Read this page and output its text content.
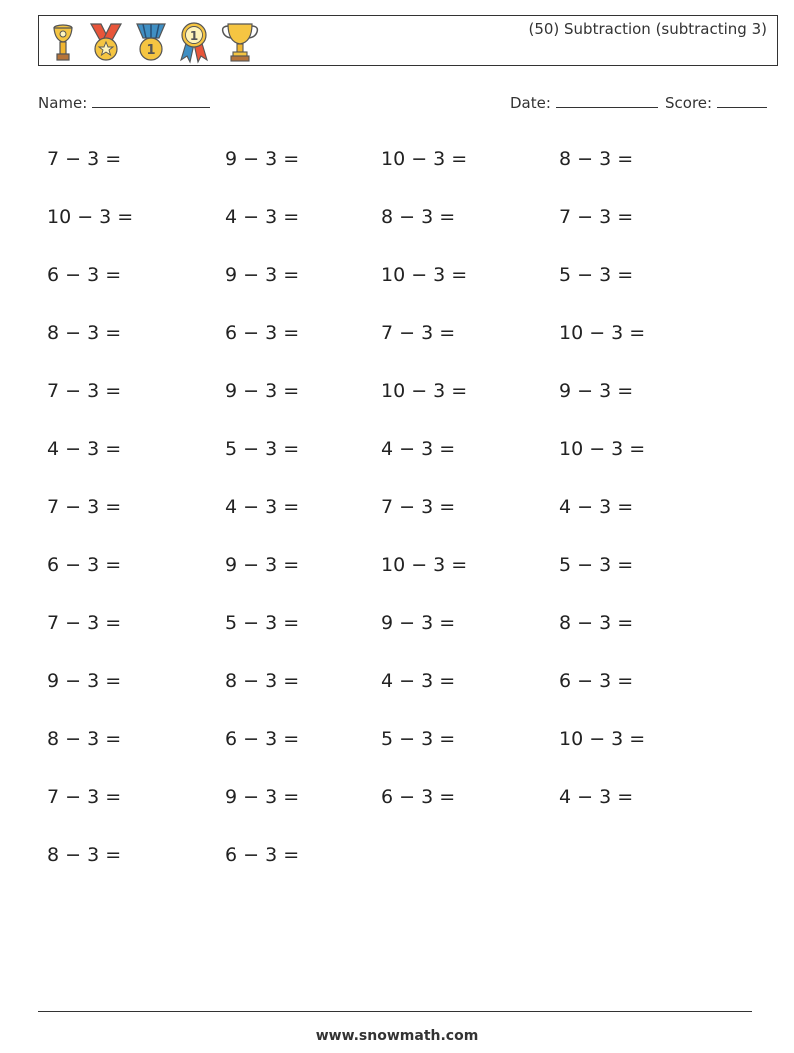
1
1	(50) Subtraction (subtracting 3)
Name:	Date:	Score:
7 − 3 =	9 − 3 =	10 − 3 =	8 − 3 =
10 − 3 =	4 − 3 =	8 − 3 =	7 − 3 =
6 − 3 =	9 − 3 =	10 − 3 =	5 − 3 =
8 − 3 =	6 − 3 =	7 − 3 =	10 − 3 =
7 − 3 =	9 − 3 =	10 − 3 =	9 − 3 =
4 − 3 =	5 − 3 =	4 − 3 =	10 − 3 =
7 − 3 =	4 − 3 =	7 − 3 =	4 − 3 =
6 − 3 =	9 − 3 =	10 − 3 =	5 − 3 =
7 − 3 =	5 − 3 =	9 − 3 =	8 − 3 =
9 − 3 =	8 − 3 =	4 − 3 =	6 − 3 =
8 − 3 =	6 − 3 =	5 − 3 =	10 − 3 =
7 − 3 =	9 − 3 =	6 − 3 =	4 − 3 =
8 − 3 =	6 − 3 =
www.snowmath.com
